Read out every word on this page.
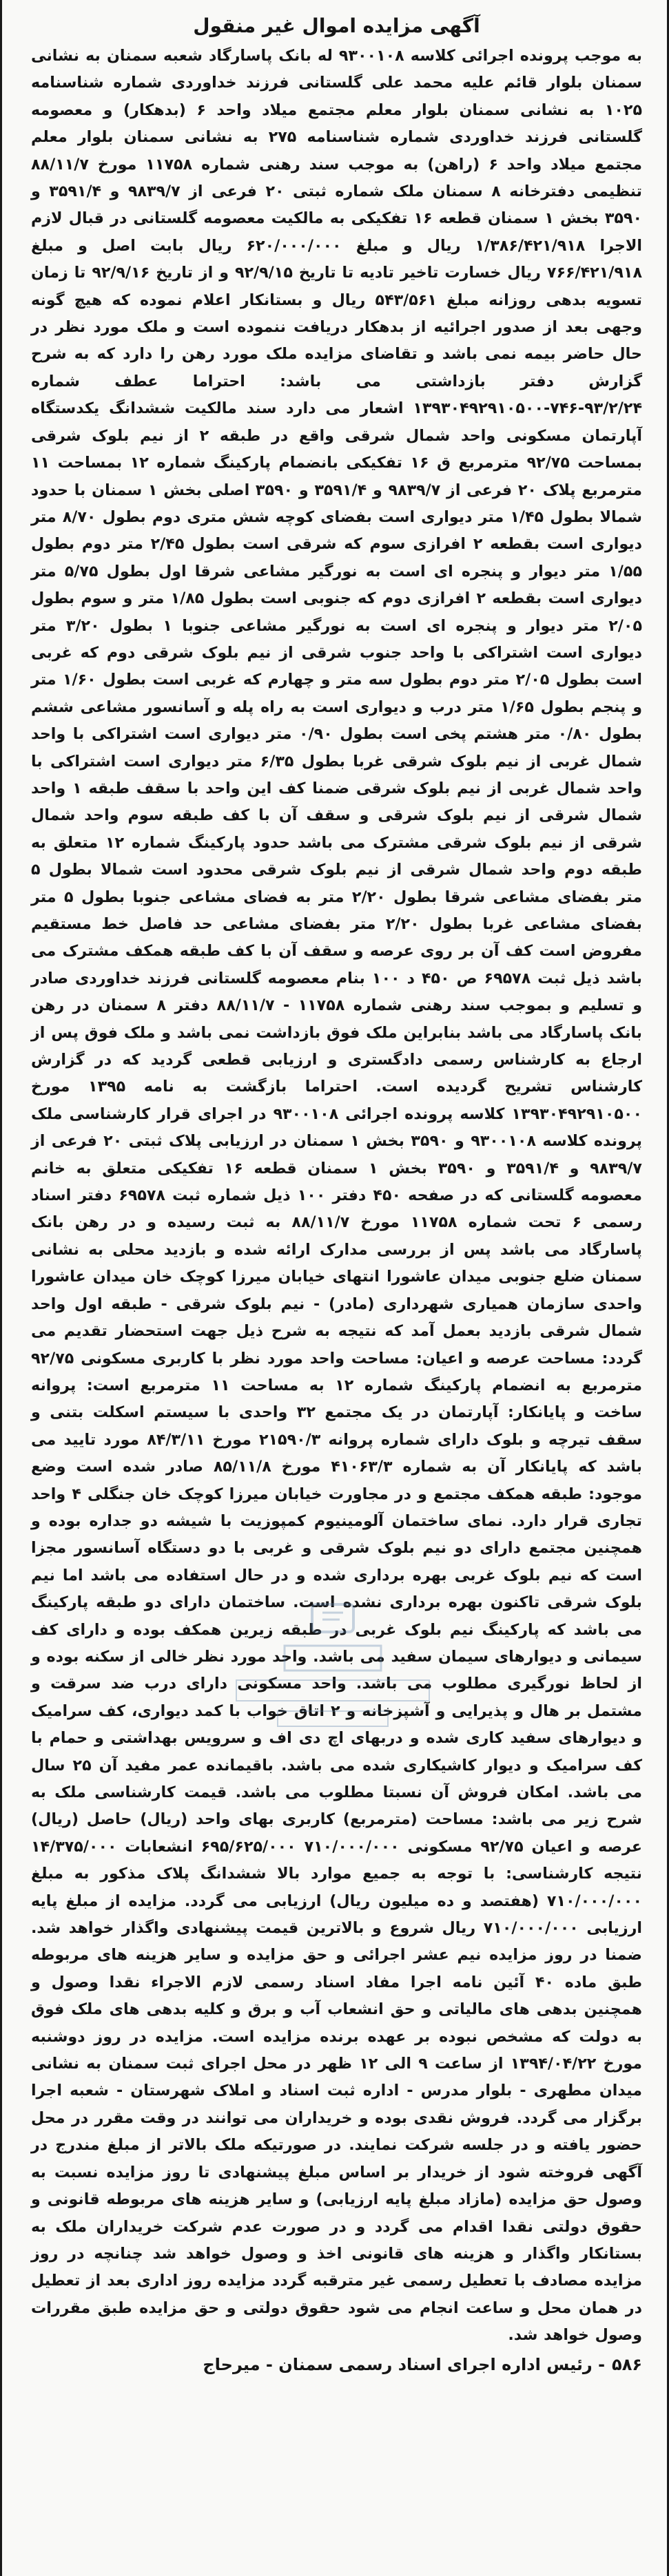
آگهی مزایده اموال غیر منقول

به موجب پرونده اجرائی کلاسه ۹۳۰۰۱۰۸ له بانک پاسارگاد شعبه سمنان به نشانی سمنان بلوار قائم علیه محمد علی گلستانی فرزند خداوردی شماره شناسنامه ۱۰۲۵ به نشانی سمنان بلوار معلم مجتمع میلاد واحد ۶ (بدهکار) و معصومه گلستانی فرزند خداوردی شماره شناسنامه ۲۷۵ به نشانی سمنان بلوار معلم مجتمع میلاد واحد ۶ (راهن) به موجب سند رهنی شماره ۱۱۷۵۸ مورخ ۸۸/۱۱/۷ تنظیمی دفترخانه ۸ سمنان ملک شماره ثبتی ۲۰ فرعی از ۹۸۳۹/۷ و ۳۵۹۱/۴ و ۳۵۹۰ بخش ۱ سمنان قطعه ۱۶ تفکیکی به مالکیت معصومه گلستانی در قبال لازم الاجرا ۱/۳۸۶/۴۲۱/۹۱۸ ریال و مبلغ ۶۲۰/۰۰۰/۰۰۰ ریال بابت اصل و مبلغ ۷۶۶/۴۲۱/۹۱۸ ریال خسارت تاخیر تادیه تا تاریخ ۹۲/۹/۱۵ و از تاریخ ۹۲/۹/۱۶ تا زمان تسویه بدهی روزانه مبلغ ۵۴۳/۵۶۱ ریال و بستانکار اعلام نموده که هیچ گونه وجهی بعد از صدور اجرائیه از بدهکار دریافت ننموده است و ملک مورد نظر در حال حاضر بیمه نمی باشد و تقاضای مزایده ملک مورد رهن را دارد که به شرح گزارش دفتر بازداشتی می باشد: احتراما عطف شماره ۹۳/۲/۲۴-۷۴۶-۱۳۹۳۰۴۹۲۹۱۰۵۰۰ اشعار می دارد سند مالکیت ششدانگ یکدستگاه آپارتمان مسکونی واحد شمال شرقی واقع در طبقه ۲ از نیم بلوک شرقی بمساحت ۹۲/۷۵ مترمربع ق ۱۶ تفکیکی بانضمام پارکینگ شماره ۱۲ بمساحت ۱۱ مترمربع پلاک ۲۰ فرعی از ۹۸۳۹/۷ و ۳۵۹۱/۴ و ۳۵۹۰ اصلی بخش ۱ سمنان با حدود شمالا بطول ۱/۴۵ متر دیواری است بفضای کوچه شش متری دوم بطول ۸/۷۰ متر دیواری است بقطعه ۲ افرازی سوم که شرقی است بطول ۲/۴۵ متر دوم بطول ۱/۵۵ متر دیوار و پنجره ای است به نورگیر مشاعی شرقا اول بطول ۵/۷۵ متر دیواری است بقطعه ۲ افرازی دوم که جنوبی است بطول ۱/۸۵ متر و سوم بطول ۲/۰۵ متر دیوار و پنجره ای است به نورگیر مشاعی جنوبا ۱ بطول ۳/۲۰ متر دیواری است اشتراکی با واحد جنوب شرقی از نیم بلوک شرقی دوم که غربی است بطول ۲/۰۵ متر دوم بطول سه متر و چهارم که غربی است بطول ۱/۶۰ متر و پنجم بطول ۱/۶۵ متر درب و دیواری است به راه پله و آسانسور مشاعی ششم بطول ۰/۸۰ متر هشتم پخی است بطول ۰/۹۰ متر دیواری است اشتراکی با واحد شمال غربی از نیم بلوک شرقی غربا بطول ۶/۳۵ متر دیواری است اشتراکی با واحد شمال غربی از نیم بلوک شرقی ضمنا کف این واحد با سقف طبقه ۱ واحد شمال شرقی از نیم بلوک شرقی و سقف آن با کف طبقه سوم واحد شمال شرقی از نیم بلوک شرقی مشترک می باشد حدود پارکینگ شماره ۱۲ متعلق به طبقه دوم واحد شمال شرقی از نیم بلوک شرقی محدود است شمالا بطول ۵ متر بفضای مشاعی شرقا بطول ۲/۲۰ متر به فضای مشاعی جنوبا بطول ۵ متر بفضای مشاعی غربا بطول ۲/۲۰ متر بفضای مشاعی حد فاصل خط مستقیم مفروض است کف آن بر روی عرصه و سقف آن با کف طبقه همکف مشترک می باشد ذیل ثبت ۶۹۵۷۸ ص ۴۵۰ د ۱۰۰ بنام معصومه گلستانی فرزند خداوردی صادر و تسلیم و بموجب سند رهنی شماره ۱۱۷۵۸ - ۸۸/۱۱/۷ دفتر ۸ سمنان در رهن بانک پاسارگاد می باشد بنابراین ملک فوق بازداشت نمی باشد و ملک فوق پس از ارجاع به کارشناس رسمی دادگستری و ارزیابی قطعی گردید که در گزارش کارشناس تشریح گردیده است. احتراما بازگشت به نامه ۱۳۹۵ مورخ ۱۳۹۳۰۴۹۲۹۱۰۵۰۰ کلاسه پرونده اجرائی ۹۳۰۰۱۰۸ در اجرای قرار کارشناسی ملک پرونده کلاسه ۹۳۰۰۱۰۸ و ۳۵۹۰ بخش ۱ سمنان در ارزیابی پلاک ثبتی ۲۰ فرعی از ۹۸۳۹/۷ و ۳۵۹۱/۴ و ۳۵۹۰ بخش ۱ سمنان قطعه ۱۶ تفکیکی متعلق به خانم معصومه گلستانی که در صفحه ۴۵۰ دفتر ۱۰۰ ذیل شماره ثبت ۶۹۵۷۸ دفتر اسناد رسمی ۶ تحت شماره ۱۱۷۵۸ مورخ ۸۸/۱۱/۷ به ثبت رسیده و در رهن بانک پاسارگاد می باشد پس از بررسی مدارک ارائه شده و بازدید محلی به نشانی سمنان ضلع جنوبی میدان عاشورا انتهای خیابان میرزا کوچک خان میدان عاشورا واحدی سازمان همیاری شهرداری (مادر) - نیم بلوک شرقی - طبقه اول واحد شمال شرقی بازدید بعمل آمد که نتیجه به شرح ذیل جهت استحضار تقدیم می گردد: مساحت عرصه و اعیان: مساحت واحد مورد نظر با کاربری مسکونی ۹۲/۷۵ مترمربع به انضمام پارکینگ شماره ۱۲ به مساحت ۱۱ مترمربع است: پروانه ساخت و پایانکار: آپارتمان در یک مجتمع ۳۲ واحدی با سیستم اسکلت بتنی و سقف تیرچه و بلوک دارای شماره پروانه ۲۱۵۹۰/۳ مورخ ۸۴/۳/۱۱ مورد تایید می باشد که پایانکار آن به شماره ۴۱۰۶۳/۳ مورخ ۸۵/۱۱/۸ صادر شده است وضع موجود: طبقه همکف مجتمع و در مجاورت خیابان میرزا کوچک خان جنگلی ۴ واحد تجاری قرار دارد. نمای ساختمان آلومینیوم کمپوزیت با شیشه دو جداره بوده و همچنین مجتمع دارای دو نیم بلوک شرقی و غربی با دو دستگاه آسانسور مجزا است که نیم بلوک غربی بهره برداری شده و در حال استفاده می باشد اما نیم بلوک شرقی تاکنون بهره برداری نشده است. ساختمان دارای دو طبقه پارکینگ می باشد که پارکینگ نیم بلوک غربی در طبقه زیرین همکف بوده و دارای کف سیمانی و دیوارهای سیمان سفید می باشد. واحد مورد نظر خالی از سکنه بوده و از لحاظ نورگیری مطلوب می باشد. واحد مسکونی دارای درب ضد سرقت و مشتمل بر هال و پذیرایی و آشپزخانه و ۲ اتاق خواب با کمد دیواری، کف سرامیک و دیوارهای سفید کاری شده و دربهای اچ دی اف و سرویس بهداشتی و حمام با کف سرامیک و دیوار کاشیکاری شده می باشد. باقیمانده عمر مفید آن ۲۵ سال می باشد. امکان فروش آن نسبتا مطلوب می باشد. قیمت کارشناسی ملک به شرح زیر می باشد: مساحت (مترمربع) کاربری بهای واحد (ریال) حاصل (ریال) عرصه و اعیان ۹۲/۷۵ مسکونی ۷۱۰/۰۰۰/۰۰۰ ۶۹۵/۶۲۵/۰۰۰ انشعابات ۱۴/۳۷۵/۰۰۰ نتیجه کارشناسی: با توجه به جمیع موارد بالا ششدانگ پلاک مذکور به مبلغ ۷۱۰/۰۰۰/۰۰۰ (هفتصد و ده میلیون ریال) ارزیابی می گردد. مزایده از مبلغ پایه ارزیابی ۷۱۰/۰۰۰/۰۰۰ ریال شروع و بالاترین قیمت پیشنهادی واگذار خواهد شد. ضمنا در روز مزایده نیم عشر اجرائی و حق مزایده و سایر هزینه های مربوطه طبق ماده ۴۰ آئین نامه اجرا مفاد اسناد رسمی لازم الاجراء نقدا وصول و همچنین بدهی های مالیاتی و حق انشعاب آب و برق و کلیه بدهی های ملک فوق به دولت که مشخص نبوده بر عهده برنده مزایده است. مزایده در روز دوشنبه مورخ ۱۳۹۴/۰۴/۲۲ از ساعت ۹ الی ۱۲ ظهر در محل اجرای ثبت سمنان به نشانی میدان مطهری - بلوار مدرس - اداره ثبت اسناد و املاک شهرستان - شعبه اجرا برگزار می گردد. فروش نقدی بوده و خریداران می توانند در وقت مقرر در محل حضور یافته و در جلسه شرکت نمایند. در صورتیکه ملک بالاتر از مبلغ مندرج در آگهی فروخته شود از خریدار بر اساس مبلغ پیشنهادی تا روز مزایده نسبت به وصول حق مزایده (مازاد مبلغ پایه ارزیابی) و سایر هزینه های مربوطه قانونی و حقوق دولتی نقدا اقدام می گردد و در صورت عدم شرکت خریداران ملک به بستانکار واگذار و هزینه های قانونی اخذ و وصول خواهد شد چنانچه در روز مزایده مصادف با تعطیل رسمی غیر مترقبه گردد مزایده روز اداری بعد از تعطیل در همان محل و ساعت انجام می شود حقوق دولتی و حق مزایده طبق مقررات وصول خواهد شد.

۵۸۶- رئیس اداره اجرای اسناد رسمی سمنان - میرحاج
